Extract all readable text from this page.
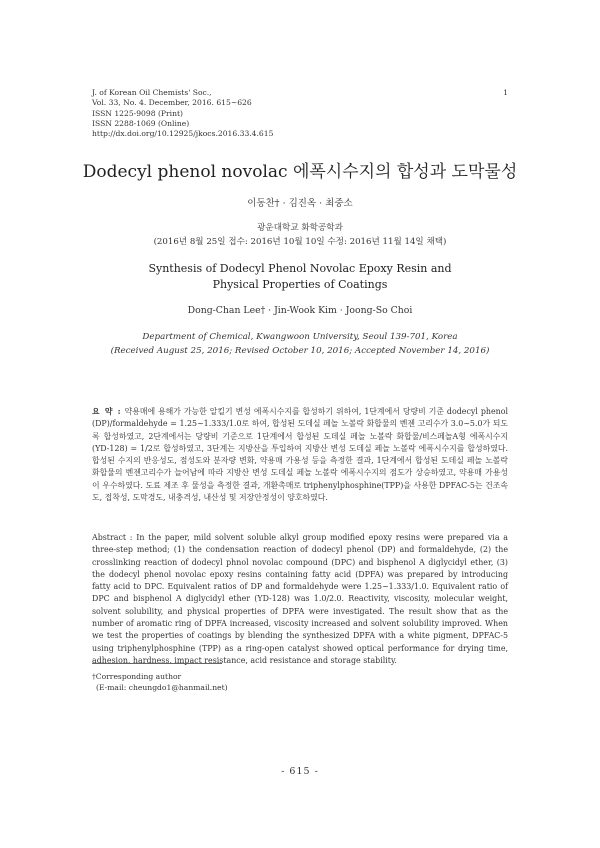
J. of Korean Oil Chemists' Soc.,
Vol. 33, No. 4. December, 2016. 615~626
ISSN 1225-9098 (Print)
ISSN 2288-1069 (Online)
http://dx.doi.org/10.12925/jkocs.2016.33.4.615
1
Dodecyl phenol novolac 에폭시수지의 합성과 도막물성
이동찬† · 김진옥 · 최중소
광운대학교 화학공학과
(2016년 8월 25일 접수: 2016년 10월 10일 수정: 2016년 11월 14일 채택)
Synthesis of Dodecyl Phenol Novolac Epoxy Resin and
Physical Properties of Coatings
Dong-Chan Lee† · Jin-Wook Kim · Joong-So Choi
Department of Chemical, Kwangwoon University, Seoul 139-701, Korea
(Received August 25, 2016; Revised October 10, 2016; Accepted November 14, 2016)
요 약 : 약용매에 용해가 가능한 알킬기 변성 에폭시수지를 합성하기 위하여, 1단계에서 당량비 기준 dodecyl phenol (DP)/formaldehyde = 1.25~1.333/1.0로 하여, 합성된 도데실 페놀 노볼락 화합물의 벤젠 고리수가 3.0~5.0가 되도록 합성하였고, 2단계에서는 당량비 기준으로 1단계에서 합성된 도데실 페놀 노볼락 화합물/비스페놀A형 에폭시수지 (YD-128) = 1/2로 합성하였고, 3단계는 지방산을 투입하여 지방산 변성 도데실 페놀 노볼락 에폭시수지를 합성하였다. 합성된 수지의 반응성도, 점성도와 분자량 변화, 약용매 가용성 등을 측정한 결과, 1단계에서 합성된 도데실 페놀 노볼락 화합물의 벤젠고리수가 늘어남에 따라 지방산 변성 도데실 페놀 노볼락 에폭시수지의 점도가 상승하였고, 약용매 가용성이 우수하였다. 도료 제조 후 물성을 측정한 결과, 개환촉매로 triphenylphosphine(TPP)을 사용한 DPFAC-5는 건조속도, 접착성, 도막경도, 내충격성, 내산성 및 저장안정성이 양호하였다.
Abstract : In the paper, mild solvent soluble alkyl group modified epoxy resins were prepared via a three-step method; (1) the condensation reaction of dodecyl phenol (DP) and formaldehyde, (2) the crosslinking reaction of dodecyl phnol novolac compound (DPC) and bisphenol A diglycidyl ether, (3) the dodecyl phenol novolac epoxy resins containing fatty acid (DPFA) was prepared by introducing fatty acid to DPC. Equivalent ratios of DP and formaldehyde were 1.25~1.333/1.0. Equivalent ratio of DPC and bisphenol A diglycidyl ether (YD-128) was 1.0/2.0. Reactivity, viscosity, molecular weight, solvent solubility, and physical properties of DPFA were investigated. The result show that as the number of aromatic ring of DPFA increased, viscosity increased and solvent solubility improved. When we test the properties of coatings by blending the synthesized DPFA with a white pigment, DPFAC-5 using triphenylphosphine (TPP) as a ring-open catalyst showed optical performance for drying time, adhesion, hardness, impact resistance, acid resistance and storage stability.
†Corresponding author
(E-mail: cheungdo1@hanmail.net)
- 615 -
